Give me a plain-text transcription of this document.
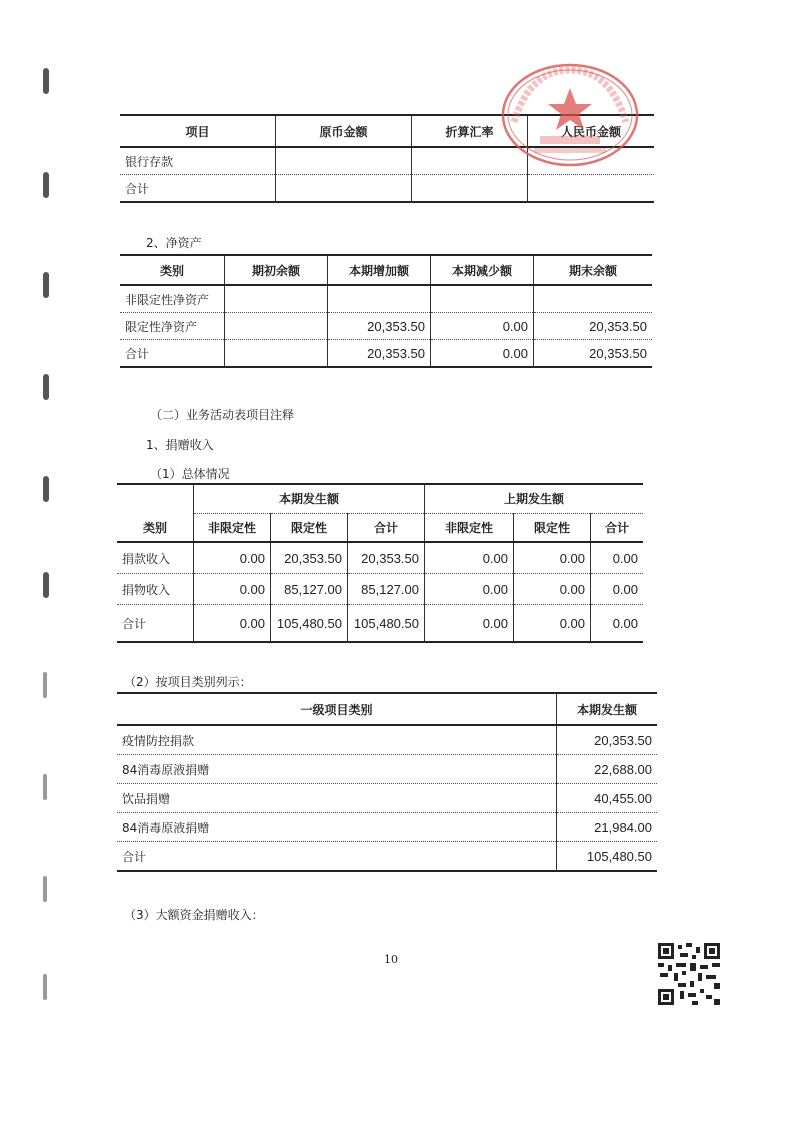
项目	原币金额	折算汇率	人民币金额
银行存款			
合计			
2、净资产
类别	期初余额	本期增加额	本期减少额	期末余额
非限定性净资产				
限定性净资产		20,353.50	0.00	20,353.50
合计		20,353.50	0.00	20,353.50
（二）业务活动表项目注释
1、捐赠收入
（1）总体情况
	本期发生额			上期发生额		
类别	非限定性	限定性	合计	非限定性	限定性	合计
捐款收入	0.00	20,353.50	20,353.50	0.00	0.00	0.00
捐物收入	0.00	85,127.00	85,127.00	0.00	0.00	0.00
合计	0.00	105,480.50	105,480.50	0.00	0.00	0.00
（2）按项目类别列示：
一级项目类别	本期发生额
疫情防控捐款	20,353.50
84消毒原液捐赠	22,688.00
饮品捐赠	40,455.00
84消毒原液捐赠	21,984.00
合计	105,480.50
（3）大额资金捐赠收入：
10
